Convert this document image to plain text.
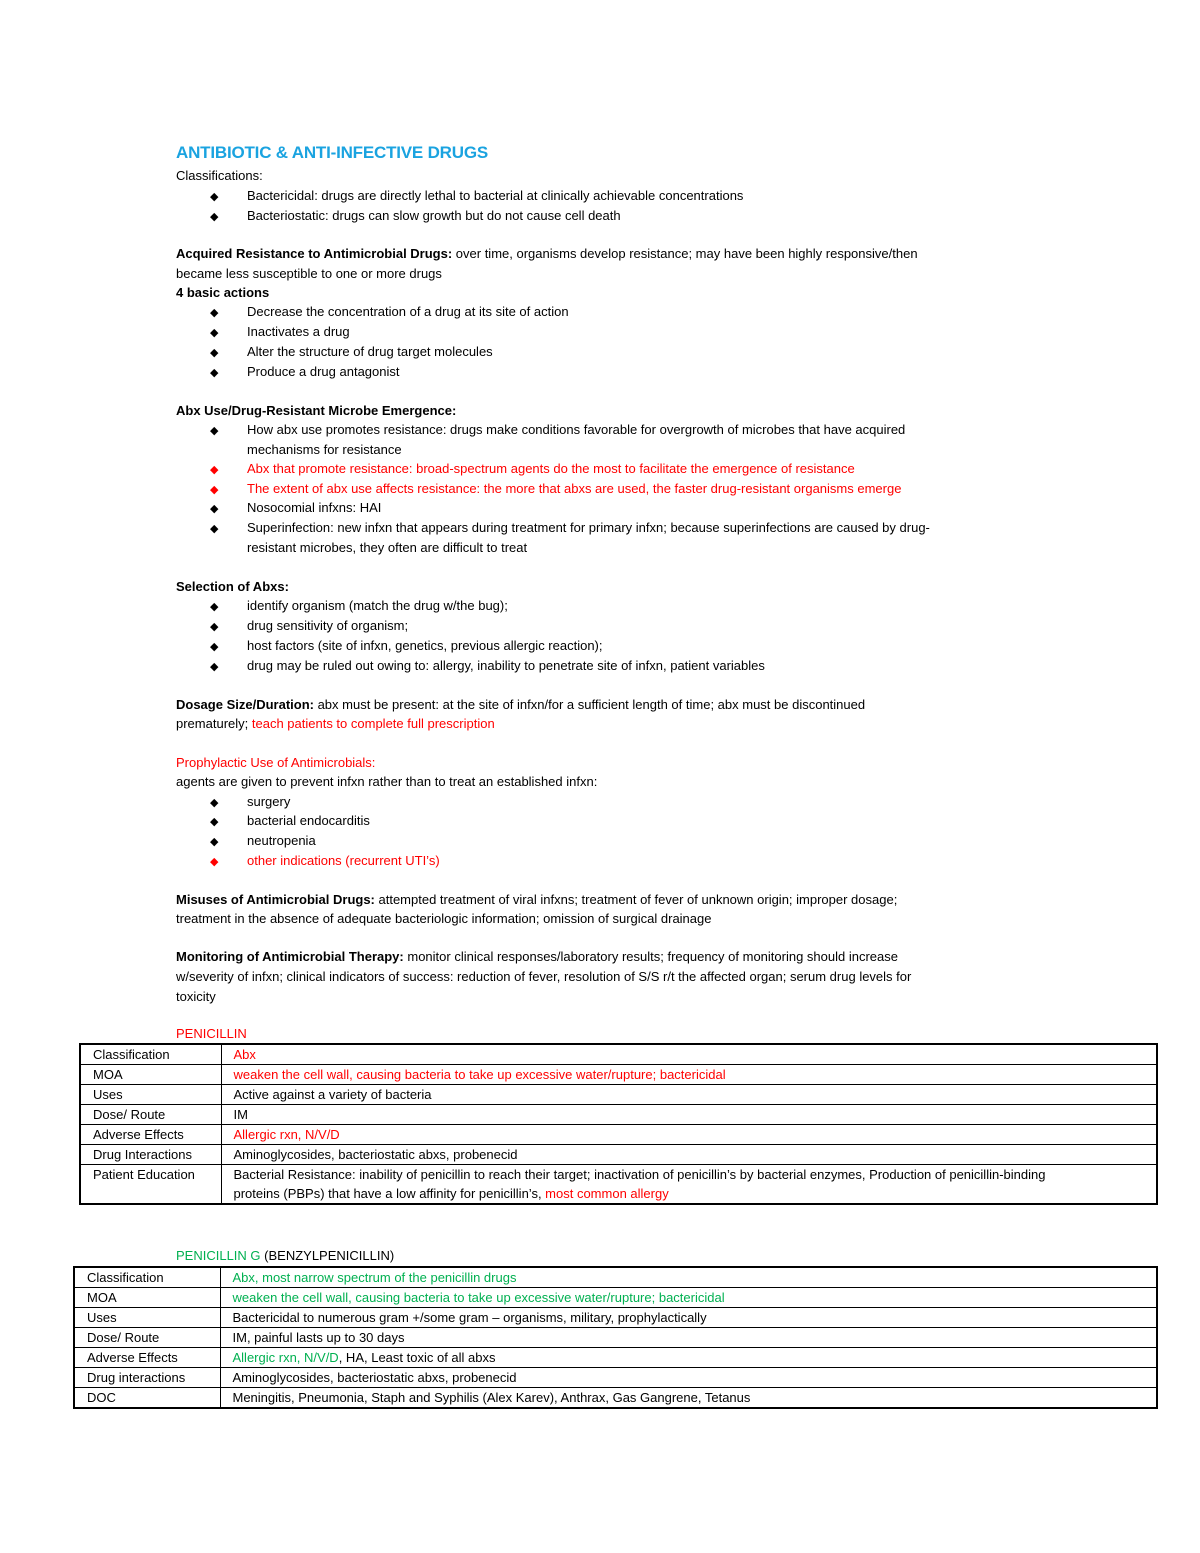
ANTIBIOTIC & ANTI-INFECTIVE DRUGS
Classifications:
◆ Bactericidal: drugs are directly lethal to bacterial at clinically achievable concentrations
◆ Bacteriostatic: drugs can slow growth but do not cause cell death
Acquired Resistance to Antimicrobial Drugs: over time, organisms develop resistance; may have been highly responsive/then
became less susceptible to one or more drugs
4 basic actions
◆ Decrease the concentration of a drug at its site of action
◆ Inactivates a drug
◆ Alter the structure of drug target molecules
◆ Produce a drug antagonist
Abx Use/Drug-Resistant Microbe Emergence:
◆ How abx use promotes resistance: drugs make conditions favorable for overgrowth of microbes that have acquired
mechanisms for resistance
◆ Abx that promote resistance: broad-spectrum agents do the most to facilitate the emergence of resistance
◆ The extent of abx use affects resistance: the more that abxs are used, the faster drug-resistant organisms emerge
◆ Nosocomial infxns: HAI
◆ Superinfection: new infxn that appears during treatment for primary infxn; because superinfections are caused by drug-
resistant microbes, they often are difficult to treat
Selection of Abxs:
◆ identify organism (match the drug w/the bug);
◆ drug sensitivity of organism;
◆ host factors (site of infxn, genetics, previous allergic reaction);
◆ drug may be ruled out owing to: allergy, inability to penetrate site of infxn, patient variables
Dosage Size/Duration: abx must be present: at the site of infxn/for a sufficient length of time; abx must be discontinued
prematurely; teach patients to complete full prescription
Prophylactic Use of Antimicrobials:
agents are given to prevent infxn rather than to treat an established infxn:
◆ surgery
◆ bacterial endocarditis
◆ neutropenia
◆ other indications (recurrent UTI’s)
Misuses of Antimicrobial Drugs: attempted treatment of viral infxns; treatment of fever of unknown origin; improper dosage;
treatment in the absence of adequate bacteriologic information; omission of surgical drainage
Monitoring of Antimicrobial Therapy: monitor clinical responses/laboratory results; frequency of monitoring should increase
w/severity of infxn; clinical indicators of success: reduction of fever, resolution of S/S r/t the affected organ; serum drug levels for
toxicity
PENICILLIN
Classification	Abx
MOA	weaken the cell wall, causing bacteria to take up excessive water/rupture; bactericidal
Uses	Active against a variety of bacteria
Dose/ Route	IM
Adverse Effects	Allergic rxn, N/V/D
Drug Interactions	Aminoglycosides, bacteriostatic abxs, probenecid
Patient Education	Bacterial Resistance: inability of penicillin to reach their target; inactivation of penicillin’s by bacterial enzymes, Production of penicillin-binding
proteins (PBPs) that have a low affinity for penicillin’s, most common allergy
PENICILLIN G (BENZYLPENICILLIN)
Classification	Abx, most narrow spectrum of the penicillin drugs
MOA	weaken the cell wall, causing bacteria to take up excessive water/rupture; bactericidal
Uses	Bactericidal to numerous gram +/some gram – organisms, military, prophylactically
Dose/ Route	IM, painful lasts up to 30 days
Adverse Effects	Allergic rxn, N/V/D, HA, Least toxic of all abxs
Drug interactions	Aminoglycosides, bacteriostatic abxs, probenecid
DOC	Meningitis, Pneumonia, Staph and Syphilis (Alex Karev), Anthrax, Gas Gangrene, Tetanus
